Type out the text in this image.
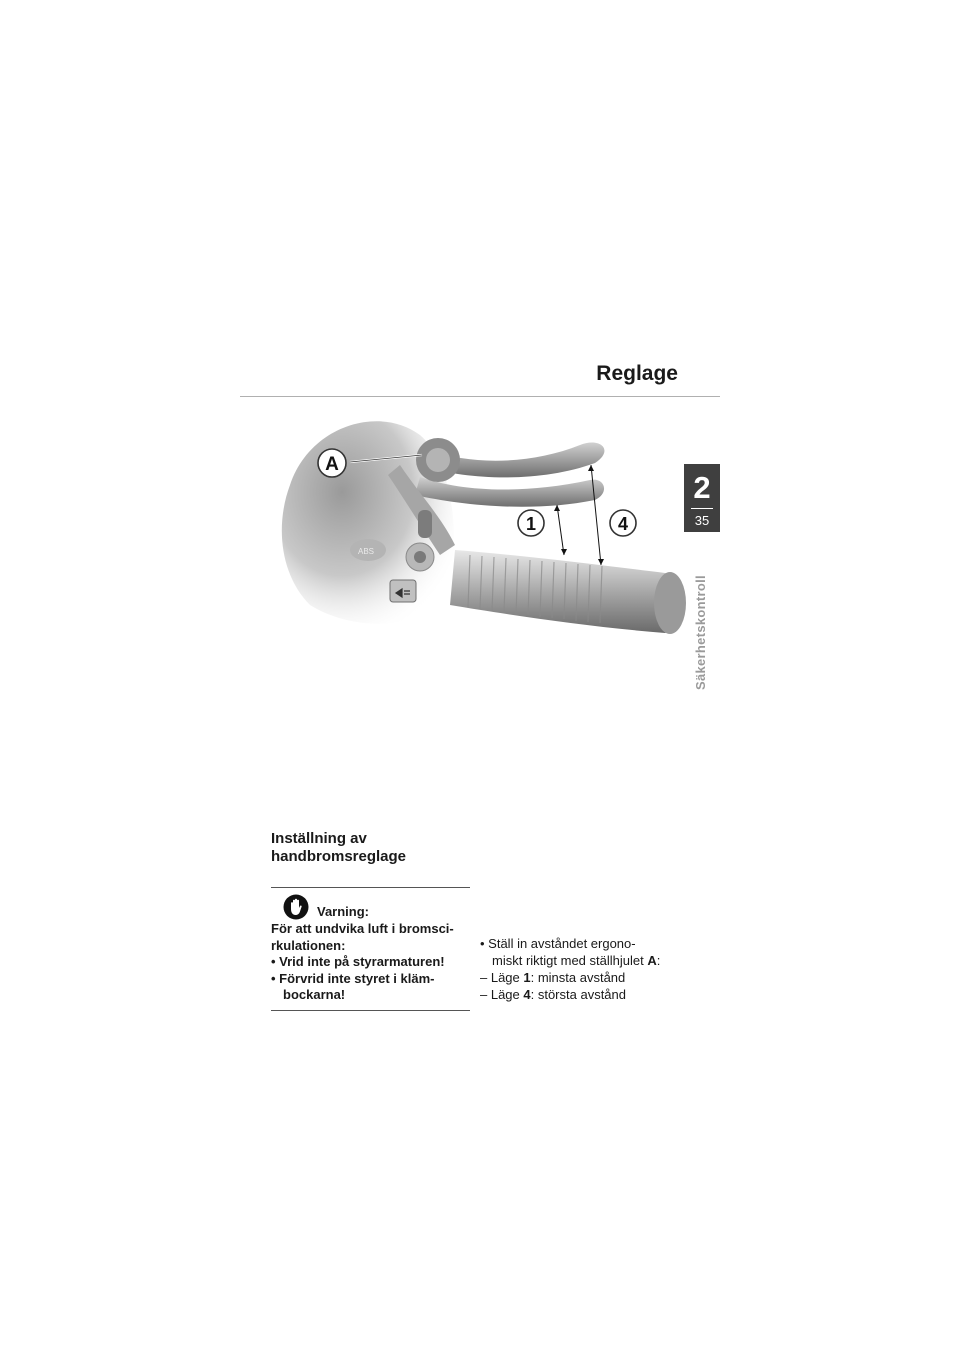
Reglage
2
35
Säkerhetskontroll
ABS
A
1	4
Inställning av
handbromsreglage
Varning:
För att undvika luft i bromsci-
rkulationen:
• Vrid inte på styrarmaturen!
• Förvrid inte styret i kläm-
bockarna!
• Ställ in avståndet ergono-
miskt riktigt med ställhjulet A:
– Läge 1: minsta avstånd
– Läge 4: största avstånd
